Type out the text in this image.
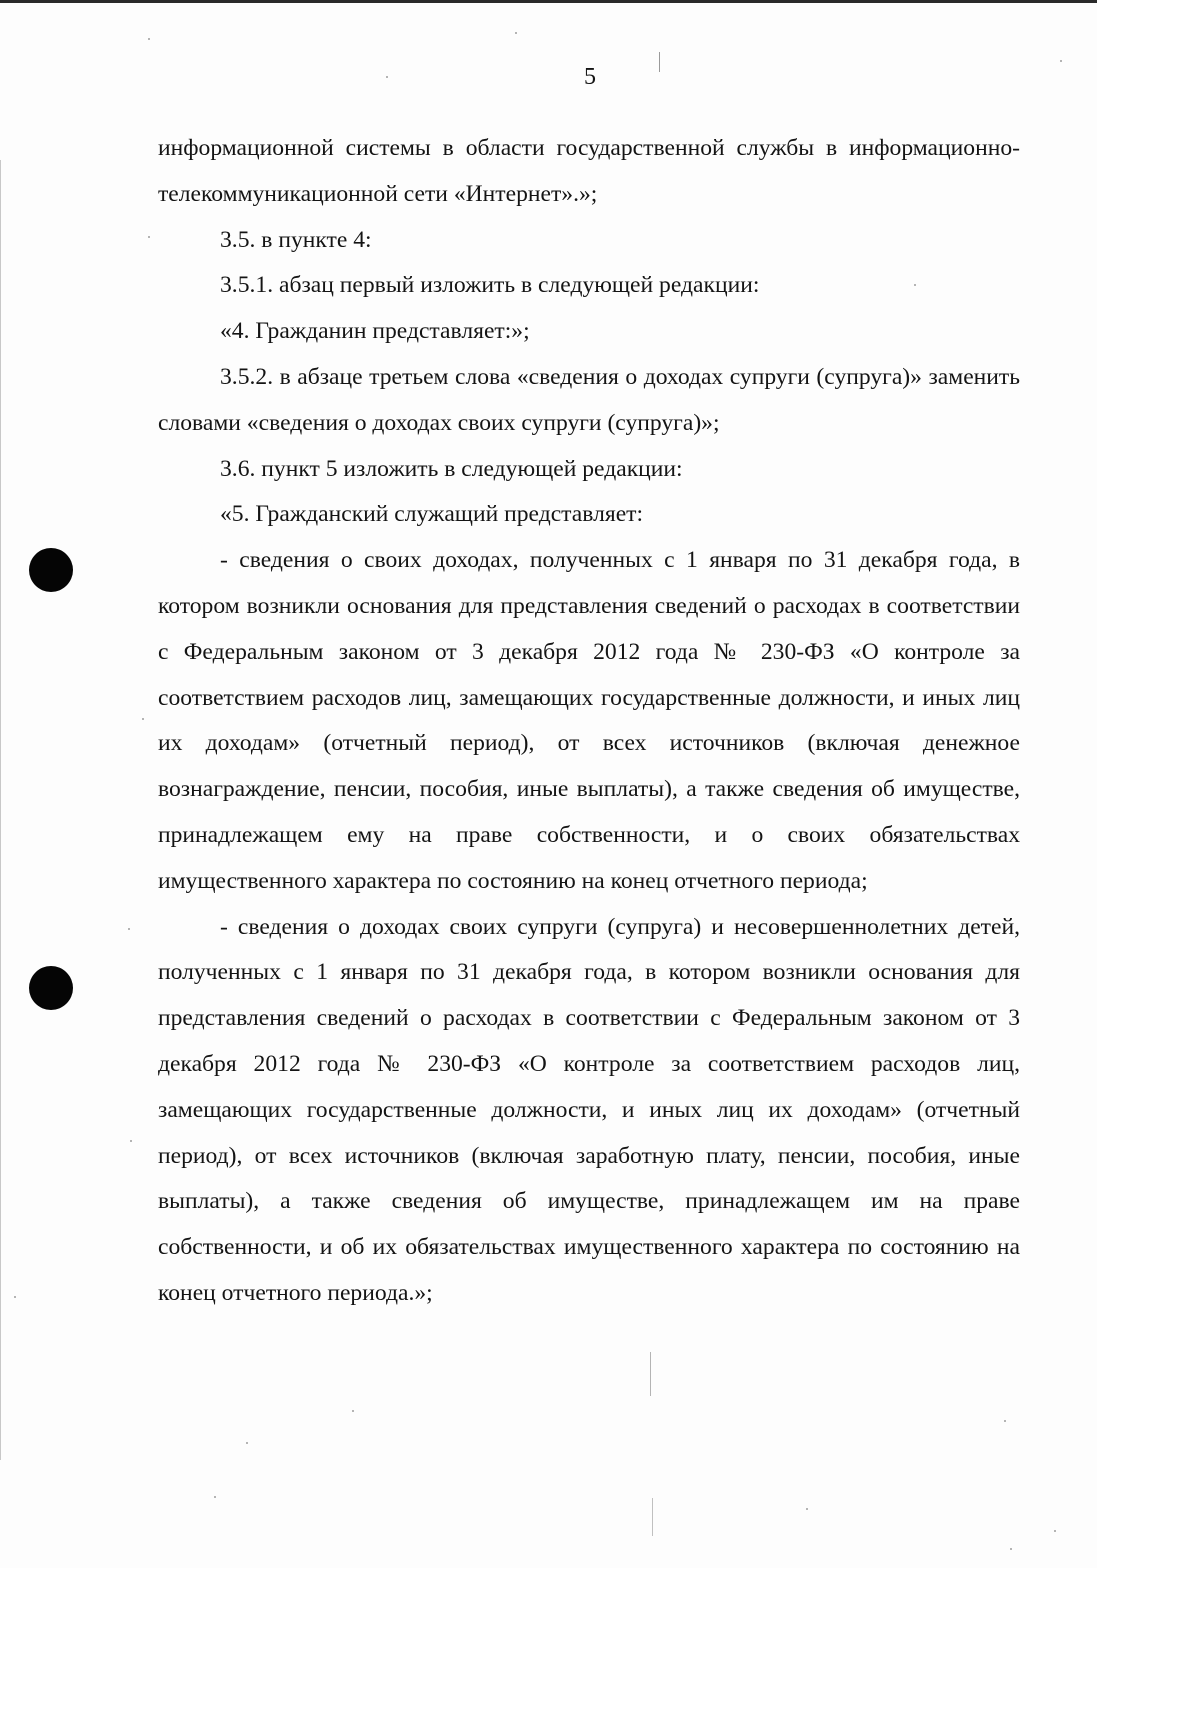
5

информационной системы в области государственной службы в информационно-телекоммуникационной сети «Интернет».»;

3.5. в пункте 4:

3.5.1. абзац первый изложить в следующей редакции:

«4. Гражданин представляет:»;

3.5.2. в абзаце третьем слова «сведения о доходах супруги (супруга)» заменить словами «сведения о доходах своих супруги (супруга)»;

3.6. пункт 5 изложить в следующей редакции:

«5. Гражданский служащий представляет:

- сведения о своих доходах, полученных с 1 января по 31 декабря года, в котором возникли основания для представления сведений о расходах в соответствии с Федеральным законом от 3 декабря 2012 года № 230-ФЗ «О контроле за соответствием расходов лиц, замещающих государственные должности, и иных лиц их доходам» (отчетный период), от всех источников (включая денежное вознаграждение, пенсии, пособия, иные выплаты), а также сведения об имуществе, принадлежащем ему на праве собственности, и о своих обязательствах имущественного характера по состоянию на конец отчетного периода;

- сведения о доходах своих супруги (супруга) и несовершеннолетних детей, полученных с 1 января по 31 декабря года, в котором возникли основания для представления сведений о расходах в соответствии с Федеральным законом от 3 декабря 2012 года № 230-ФЗ «О контроле за соответствием расходов лиц, замещающих государственные должности, и иных лиц их доходам» (отчетный период), от всех источников (включая заработную плату, пенсии, пособия, иные выплаты), а также сведения об имуществе, принадлежащем им на праве собственности, и об их обязательствах имущественного характера по состоянию на конец отчетного периода.»;
